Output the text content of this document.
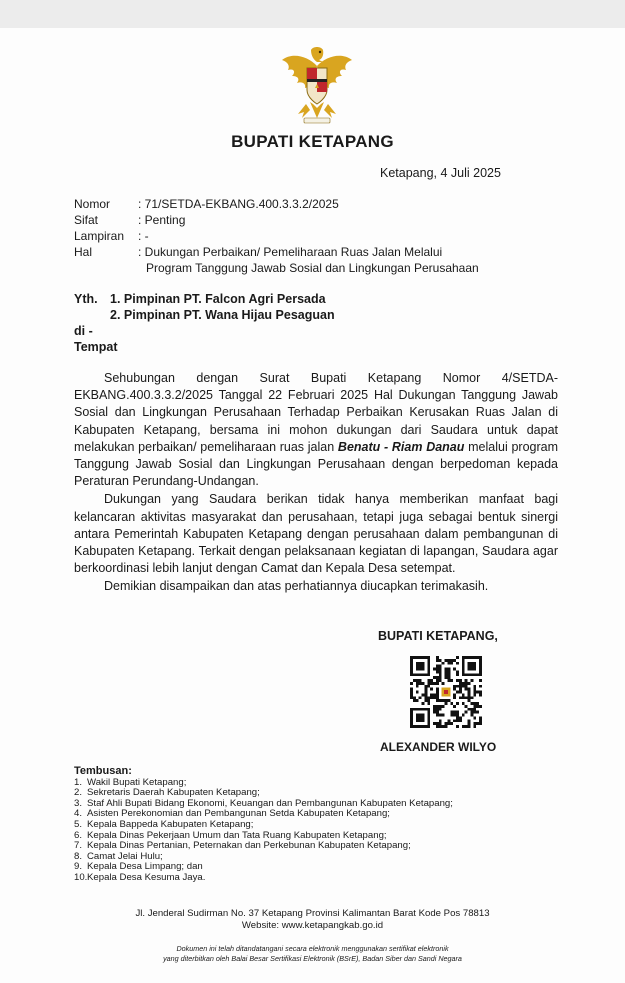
BUPATI KETAPANG
Ketapang, 4 Juli 2025
Nomor	: 71/SETDA-EKBANG.400.3.3.2/2025
Sifat	: Penting
Lampiran	: -
Hal	: Dukungan Perbaikan/ Pemeliharaan Ruas Jalan Melalui
Program Tanggung Jawab Sosial dan Lingkungan Perusahaan
Yth. 1. Pimpinan PT. Falcon Agri Persada
2. Pimpinan PT. Wana Hijau Pesaguan
di -
Tempat

Sehubungan dengan Surat Bupati Ketapang Nomor 4/SETDA-EKBANG.400.3.3.2/2025 Tanggal 22 Februari 2025 Hal Dukungan Tanggung Jawab Sosial dan Lingkungan Perusahaan Terhadap Perbaikan Kerusakan Ruas Jalan di Kabupaten Ketapang, bersama ini mohon dukungan dari Saudara untuk dapat melakukan perbaikan/ pemeliharaan ruas jalan Benatu - Riam Danau melalui program Tanggung Jawab Sosial dan Lingkungan Perusahaan dengan berpedoman kepada Peraturan Perundang-Undangan.

Dukungan yang Saudara berikan tidak hanya memberikan manfaat bagi kelancaran aktivitas masyarakat dan perusahaan, tetapi juga sebagai bentuk sinergi antara Pemerintah Kabupaten Ketapang dengan perusahaan dalam pembangunan di Kabupaten Ketapang. Terkait dengan pelaksanaan kegiatan di lapangan, Saudara agar berkoordinasi lebih lanjut dengan Camat dan Kepala Desa setempat.

Demikian disampaikan dan atas perhatiannya diucapkan terimakasih.

BUPATI KETAPANG,
ALEXANDER WILYO
Tembusan:
1. Wakil Bupati Ketapang;
2. Sekretaris Daerah Kabupaten Ketapang;
3. Staf Ahli Bupati Bidang Ekonomi, Keuangan dan Pembangunan Kabupaten Ketapang;
4. Asisten Perekonomian dan Pembangunan Setda Kabupaten Ketapang;
5. Kepala Bappeda Kabupaten Ketapang;
6. Kepala Dinas Pekerjaan Umum dan Tata Ruang Kabupaten Ketapang;
7. Kepala Dinas Pertanian, Peternakan dan Perkebunan Kabupaten Ketapang;
8. Camat Jelai Hulu;
9. Kepala Desa Limpang; dan
10. Kepala Desa Kesuma Jaya.
Jl. Jenderal Sudirman No. 37 Ketapang Provinsi Kalimantan Barat Kode Pos 78813
Website: www.ketapangkab.go.id
Dokumen ini telah ditandatangani secara elektronik menggunakan sertifikat elektronik
yang diterbitkan oleh Balai Besar Sertifikasi Elektronik (BSrE), Badan Siber dan Sandi Negara
